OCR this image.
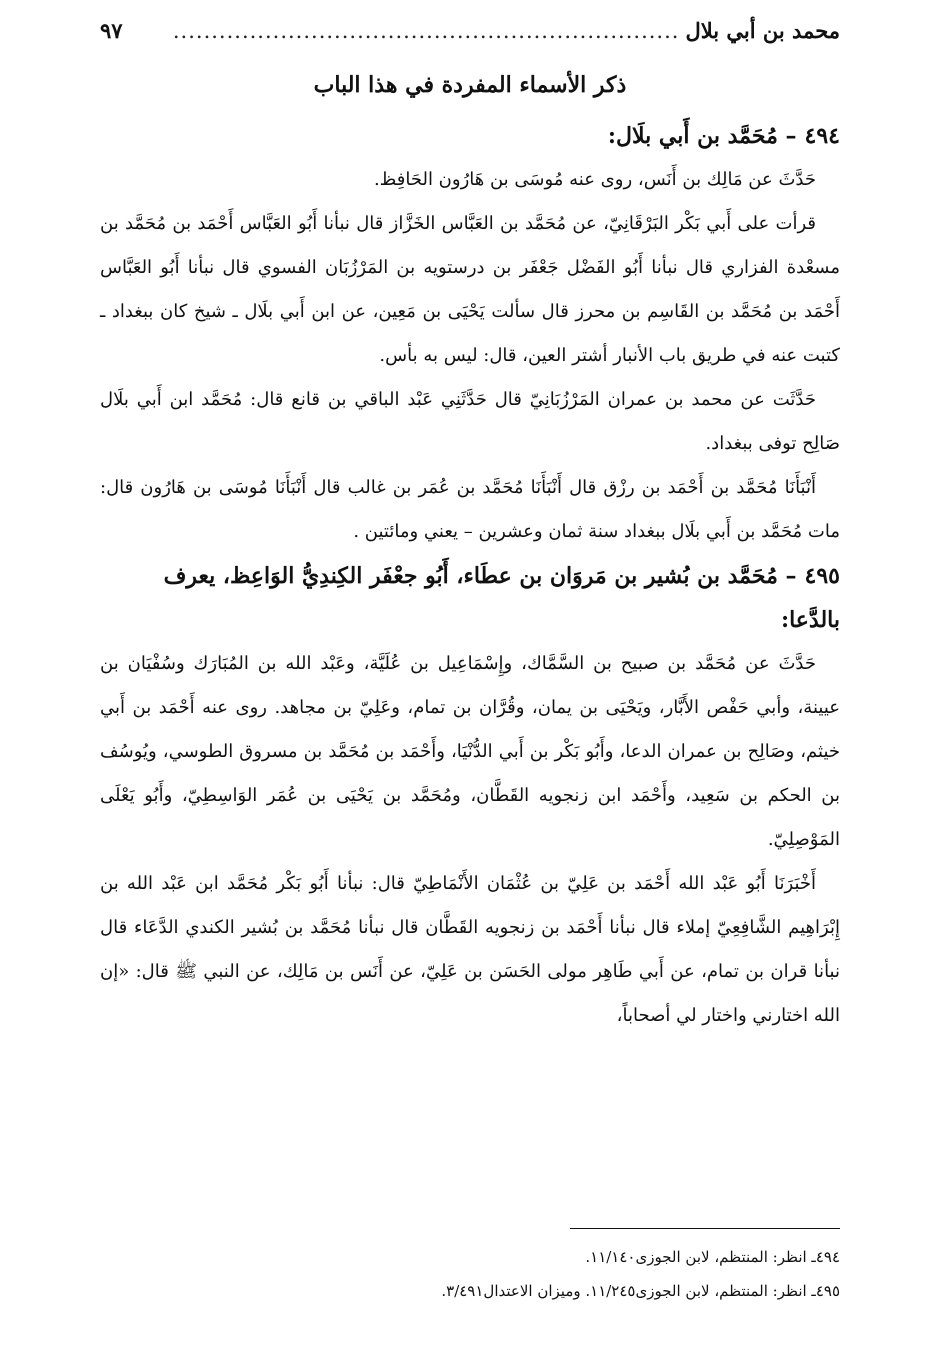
محمد بن أبي بلال
..................................................................
٩٧
ذكر الأسماء المفردة في هذا الباب
٤٩٤– مُحَمَّد بن أَبي بلَال:

حَدَّثَ عن مَالِك بن أَنَس، روى عنه مُوسَى بن هَارُون الحَافِظ.

قرأت على أَبي بَكْر البَرْقَانِيّ، عن مُحَمَّد بن العَبَّاس الخَزَّاز قال نبأنا أَبُو العَبَّاس أَحْمَد بن مُحَمَّد بن مسعْدة الفزاري قال نبأنا أَبُو الفَضْل جَعْفَر بن درستويه بن المَرْزُبَان الفسوي قال نبأنا أَبُو العَبَّاس أَحْمَد بن مُحَمَّد بن القَاسِم بن محرز قال سألت يَحْيَى بن مَعِين، عن ابن أَبي بلَال ـ شيخ كان ببغداد ـ كتبت عنه في طريق باب الأنبار أشتر العين، قال: ليس به بأس.

حَدَّثَت عن محمد بن عمران المَرْزُبَانِيّ قال حَدَّثَنِي عَبْد الباقي بن قانع قال: مُحَمَّد ابن أَبي بلَال صَالِح توفى ببغداد.

أَنْبَأَنَا مُحَمَّد بن أَحْمَد بن رزْق قال أَنْبَأَنَا مُحَمَّد بن عُمَر بن غالب قال أَنْبَأَنَا مُوسَى بن هَارُون قال: مات مُحَمَّد بن أَبي بلَال ببغداد سنة ثمان وعشرين – يعني ومائتين .

٤٩٥– مُحَمَّد بن بُشير بن مَروَان بن عطَاء، أَبُو جعْفَر الكِندِيُّ الوَاعِظ، يعرف بالدَّعا:

حَدَّثَ عن مُحَمَّد بن صبيح بن السَّمَّاك، وإِسْمَاعِيل بن عُلَيَّة، وعَبْد الله بن المُبَارَك وسُفْيَان بن عيينة، وأبي حَفْص الأَبَّار، ويَحْيَى بن يمان، وقُرَّان بن تمام، وعَلِيّ بن مجاهد. روى عنه أَحْمَد بن أَبي خيثم، وصَالِح بن عمران الدعا، وأَبُو بَكْر بن أَبي الدُّنْيَا، وأَحْمَد بن مُحَمَّد بن مسروق الطوسي، ويُوسُف بن الحكم بن سَعِيد، وأَحْمَد ابن زنجويه القَطَّان، ومُحَمَّد بن يَحْيَى بن عُمَر الوَاسِطِيّ، وأَبُو يَعْلَى المَوْصِلِيّ.

أَخْبَرَنَا أَبُو عَبْد الله أَحْمَد بن عَلِيّ بن عُثْمَان الأَنْمَاطِيّ قال: نبأنا أَبُو بَكْر مُحَمَّد ابن عَبْد الله بن إِبْرَاهِيم الشَّافِعِيّ إملاء قال نبأنا أَحْمَد بن زنجويه القَطَّان قال نبأنا مُحَمَّد بن بُشير الكندي الدَّعَاء قال نبأنا قران بن تمام، عن أَبي طَاهِر مولى الحَسَن بن عَلِيّ، عن أَنَس بن مَالِك، عن النبي ﷺ قال: «إن الله اختارني واختار لي أصحاباً،

٤٩٤ـ انظر: المنتظم، لابن الجوزى١١/١٤٠.
٤٩٥ـ انظر: المنتظم، لابن الجوزى١١/٢٤٥. وميزان الاعتدال٣/٤٩١.
